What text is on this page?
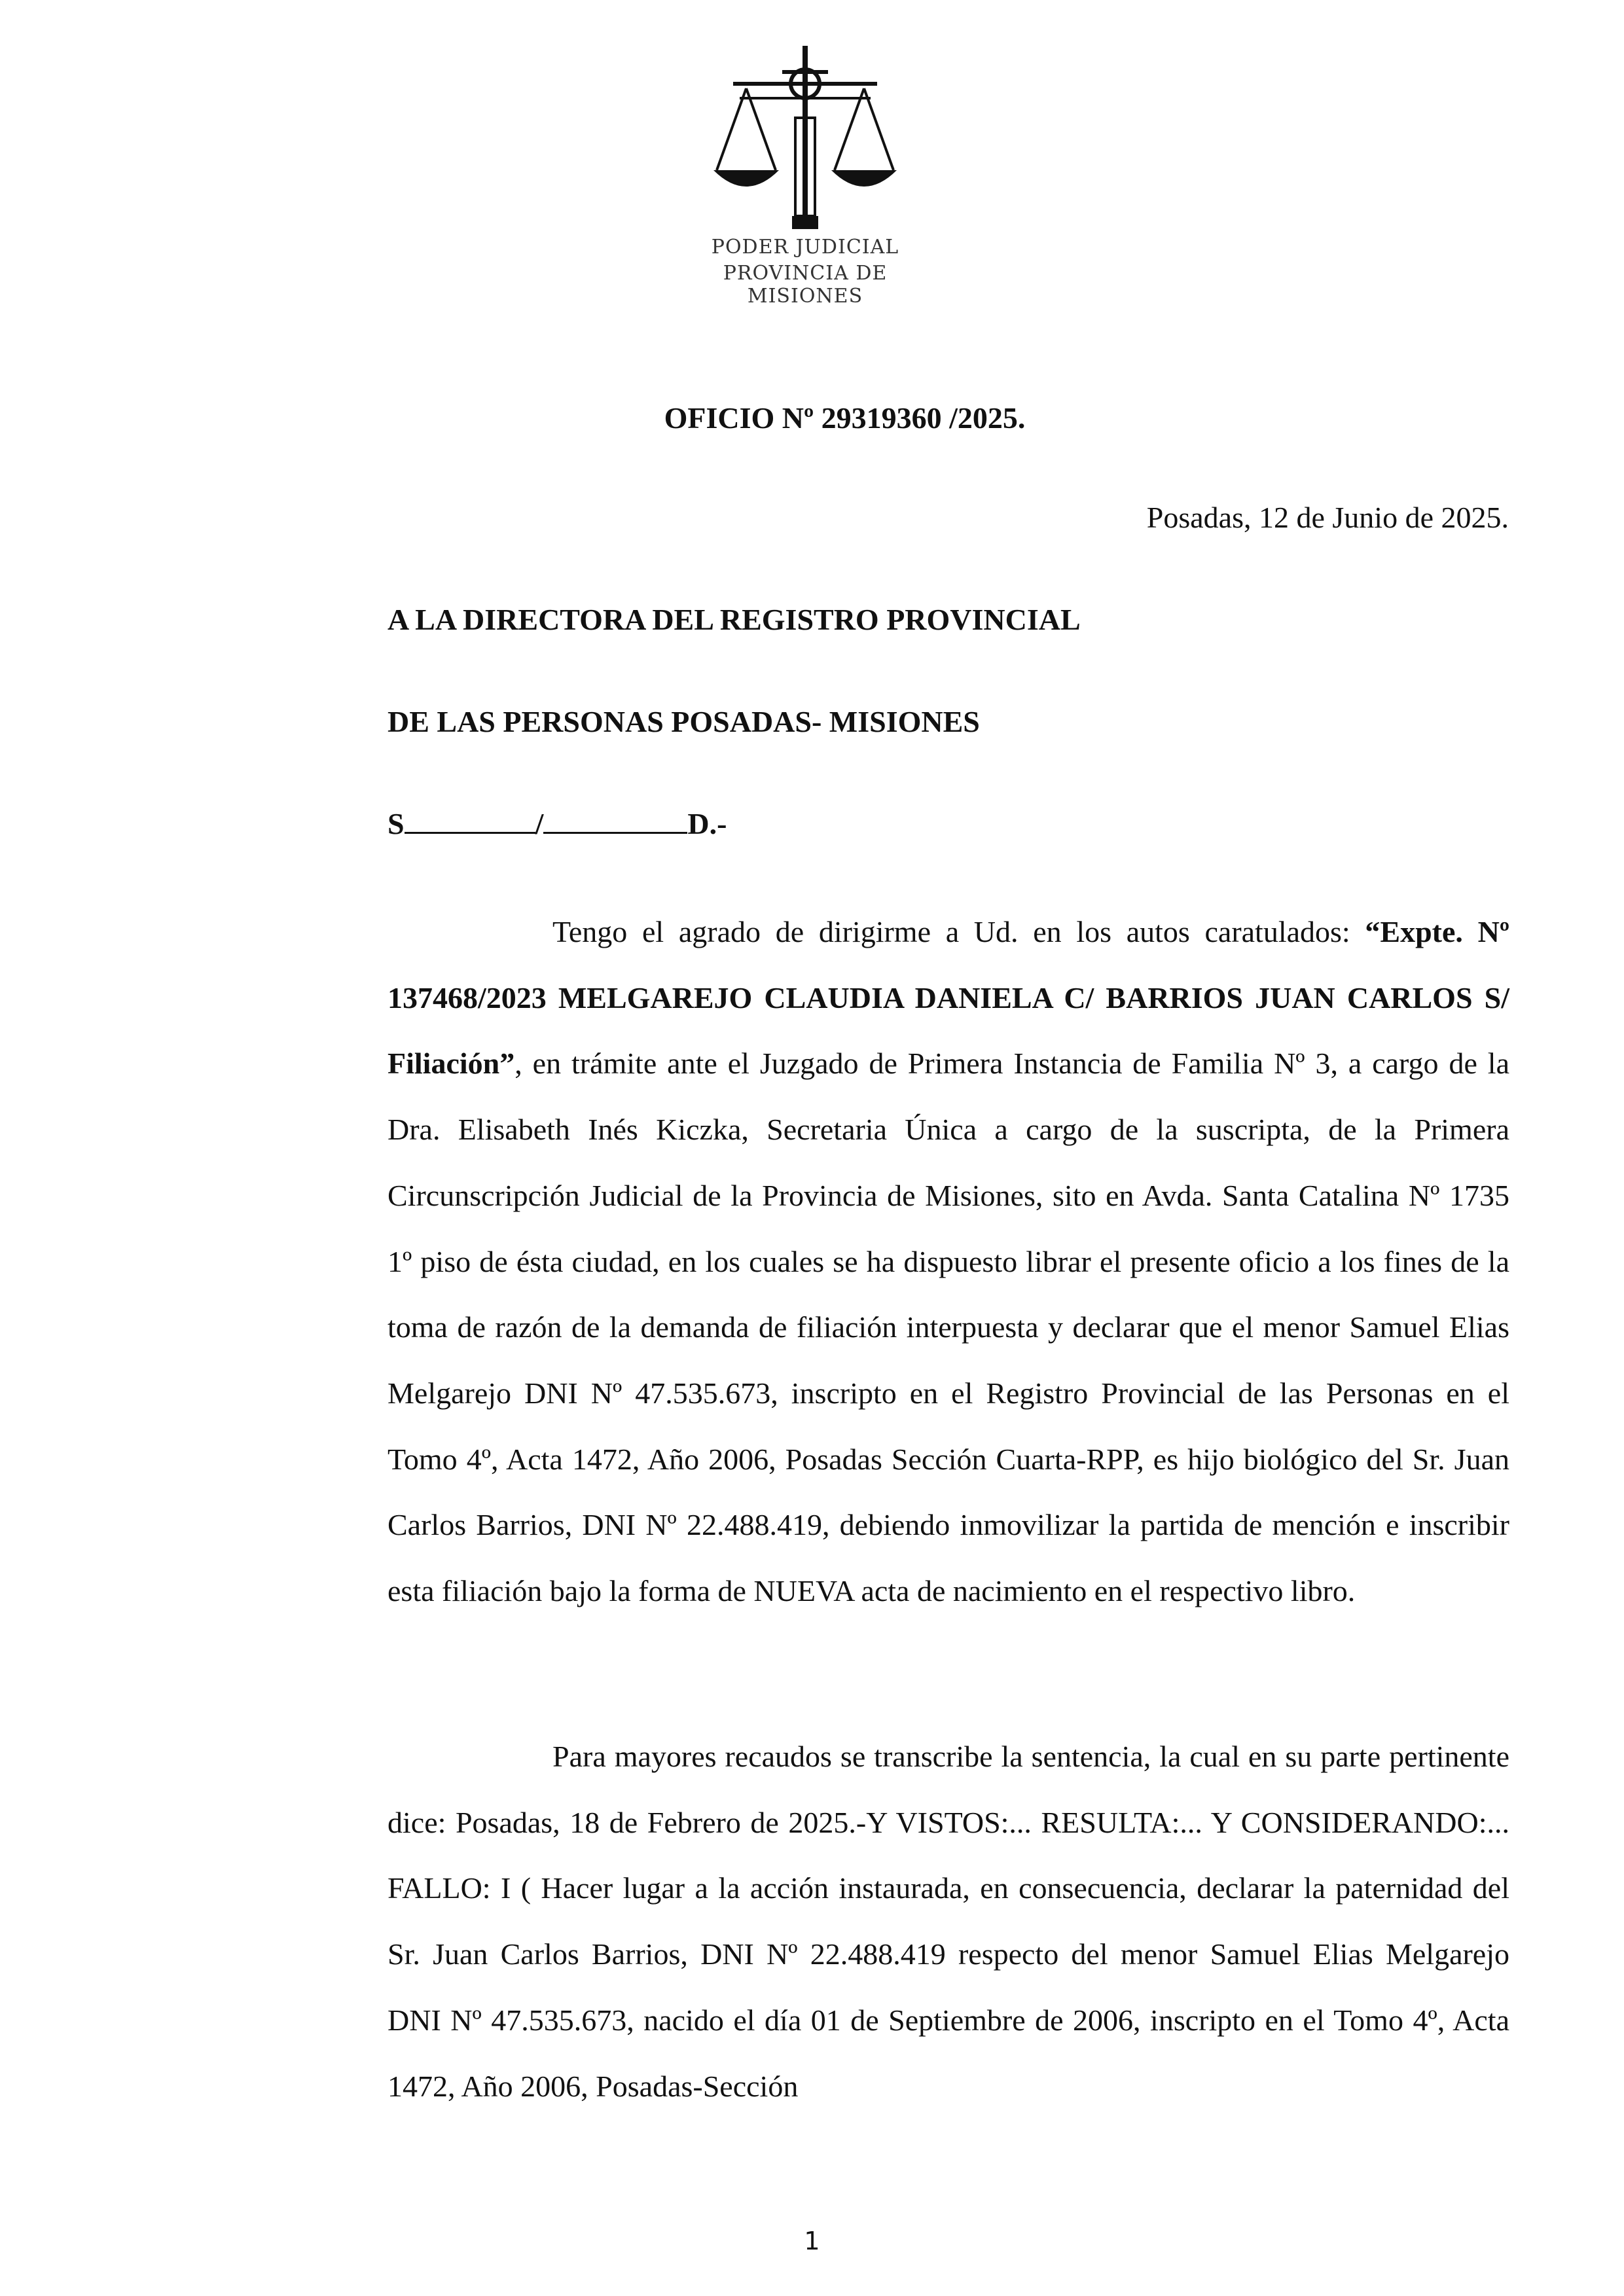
PODER JUDICIAL
PROVINCIA DE MISIONES
OFICIO Nº 29319360 /2025.
Posadas, 12 de Junio de 2025.
A LA DIRECTORA DEL REGISTRO PROVINCIAL
DE LAS PERSONAS POSADAS- MISIONES
S	/	D.-

Tengo el agrado de dirigirme a Ud. en los autos caratulados: “Expte. Nº 137468/2023 MELGAREJO CLAUDIA DANIELA C/ BARRIOS JUAN CARLOS S/ Filiación”, en trámite ante el Juzgado de Primera Instancia de Familia Nº 3, a cargo de la Dra. Elisabeth Inés Kiczka, Secretaria Única a cargo de la suscripta, de la Primera Circunscripción Judicial de la Provincia de Misiones, sito en Avda. Santa Catalina Nº 1735 1º piso de ésta ciudad, en los cuales se ha dispuesto librar el presente oficio a los fines de la toma de razón de la demanda de filiación interpuesta y declarar que el menor Samuel Elias Melgarejo DNI Nº 47.535.673, inscripto en el Registro Provincial de las Personas en el Tomo 4º, Acta 1472, Año 2006, Posadas Sección Cuarta-RPP, es hijo biológico del Sr. Juan Carlos Barrios, DNI Nº 22.488.419, debiendo inmovilizar la partida de mención e inscribir esta filiación bajo la forma de NUEVA acta de nacimiento en el respectivo libro.

Para mayores recaudos se transcribe la sentencia, la cual en su parte pertinente dice: Posadas, 18 de Febrero de 2025.-Y VISTOS:... RESULTA:... Y CONSIDERANDO:... FALLO: I ( Hacer lugar a la acción instaurada, en consecuencia, declarar la paternidad del Sr. Juan Carlos Barrios, DNI Nº 22.488.419 respecto del menor Samuel Elias Melgarejo DNI Nº 47.535.673, nacido el día 01 de Septiembre de 2006, inscripto en el Tomo 4º, Acta 1472, Año 2006, Posadas-Sección

1
